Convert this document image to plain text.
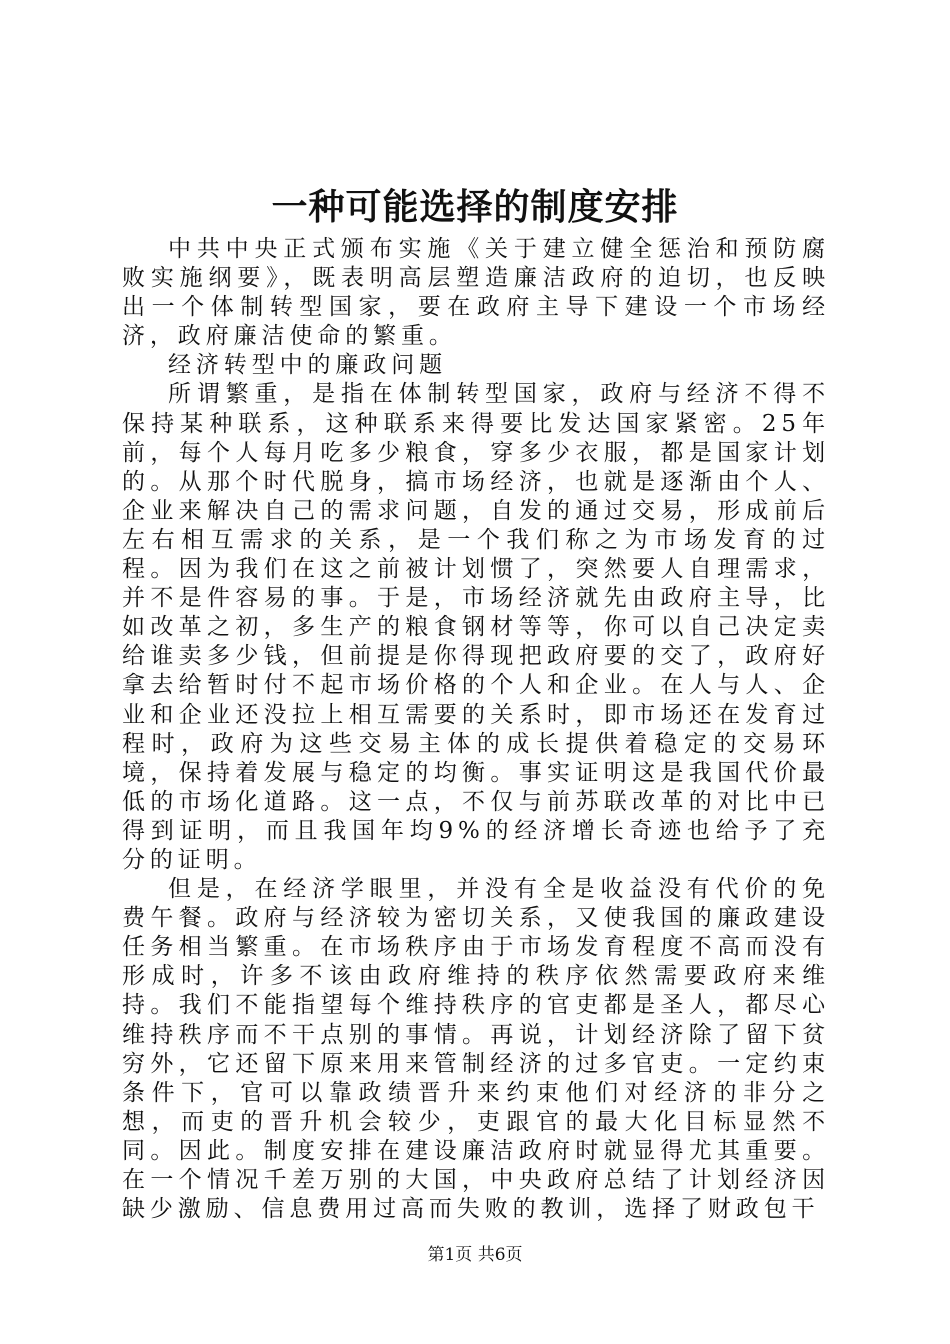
一种可能选择的制度安排

中共中央正式颁布实施《关于建立健全惩治和预防腐败实施纲要》，既表明高层塑造廉洁政府的迫切，也反映出一个体制转型国家，要在政府主导下建设一个市场经济，政府廉洁使命的繁重。

经济转型中的廉政问题

所谓繁重，是指在体制转型国家，政府与经济不得不保持某种联系，这种联系来得要比发达国家紧密。25年前，每个人每月吃多少粮食，穿多少衣服，都是国家计划的。从那个时代脱身，搞市场经济，也就是逐渐由个人、企业来解决自己的需求问题，自发的通过交易，形成前后左右相互需求的关系，是一个我们称之为市场发育的过程。因为我们在这之前被计划惯了，突然要人自理需求，并不是件容易的事。于是，市场经济就先由政府主导，比如改革之初，多生产的粮食钢材等等，你可以自己决定卖给谁卖多少钱，但前提是你得现把政府要的交了，政府好拿去给暂时付不起市场价格的个人和企业。在人与人、企业和企业还没拉上相互需要的关系时，即市场还在发育过程时，政府为这些交易主体的成长提供着稳定的交易环境，保持着发展与稳定的均衡。事实证明这是我国代价最低的市场化道路。这一点，不仅与前苏联改革的对比中已得到证明，而且我国年均9%的经济增长奇迹也给予了充分的证明。

但是，在经济学眼里，并没有全是收益没有代价的免费午餐。政府与经济较为密切关系，又使我国的廉政建设任务相当繁重。在市场秩序由于市场发育程度不高而没有形成时，许多不该由政府维持的秩序依然需要政府来维持。我们不能指望每个维持秩序的官吏都是圣人，都尽心维持秩序而不干点别的事情。再说，计划经济除了留下贫穷外，它还留下原来用来管制经济的过多官吏。一定约束条件下，官可以靠政绩晋升来约束他们对经济的非分之想，而吏的晋升机会较少，吏跟官的最大化目标显然不同。因此。制度安排在建设廉洁政府时就显得尤其重要。在一个情况千差万别的大国，中央政府总结了计划经济因缺少激励、信息费用过高而失败的教训，选择了财政包干

第1页 共6页
